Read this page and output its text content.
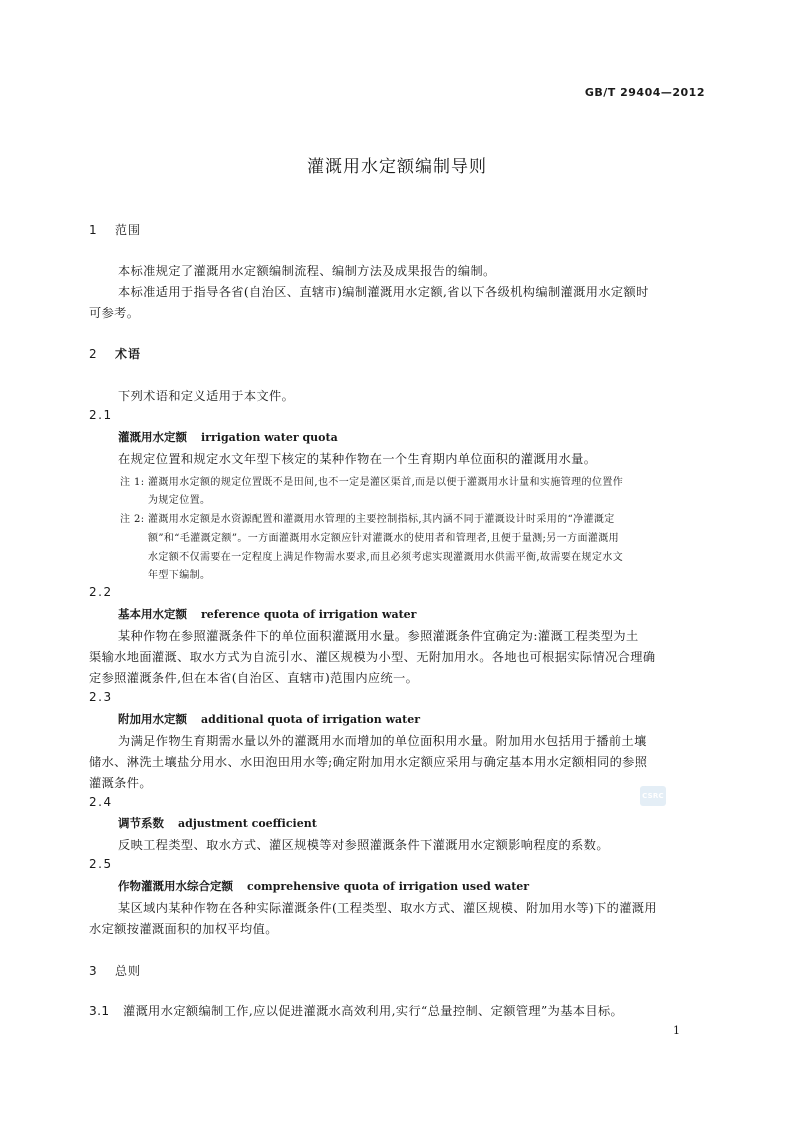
GB/T 29404—2012
灌溉用水定额编制导则
1 范围
本标准规定了灌溉用水定额编制流程、编制方法及成果报告的编制。
本标准适用于指导各省(自治区、直辖市)编制灌溉用水定额,省以下各级机构编制灌溉用水定额时
可参考。
2 术语
下列术语和定义适用于本文件。
2.1
灌溉用水定额 irrigation water quota
在规定位置和规定水文年型下核定的某种作物在一个生育期内单位面积的灌溉用水量。
注 1: 灌溉用水定额的规定位置既不是田间,也不一定是灌区渠首,而是以便于灌溉用水计量和实施管理的位置作
为规定位置。
注 2: 灌溉用水定额是水资源配置和灌溉用水管理的主要控制指标,其内涵不同于灌溉设计时采用的“净灌溉定
额”和“毛灌溉定额”。一方面灌溉用水定额应针对灌溉水的使用者和管理者,且便于量测;另一方面灌溉用
水定额不仅需要在一定程度上满足作物需水要求,而且必须考虑实现灌溉用水供需平衡,故需要在规定水文
年型下编制。
2.2
基本用水定额 reference quota of irrigation water
某种作物在参照灌溉条件下的单位面积灌溉用水量。参照灌溉条件宜确定为:灌溉工程类型为土
渠输水地面灌溉、取水方式为自流引水、灌区规模为小型、无附加用水。各地也可根据实际情况合理确
定参照灌溉条件,但在本省(自治区、直辖市)范围内应统一。
2.3
附加用水定额 additional quota of irrigation water
为满足作物生育期需水量以外的灌溉用水而增加的单位面积用水量。附加用水包括用于播前土壤
储水、淋洗土壤盐分用水、水田泡田用水等;确定附加用水定额应采用与确定基本用水定额相同的参照
灌溉条件。
2.4	CSRC
调节系数 adjustment coefficient
反映工程类型、取水方式、灌区规模等对参照灌溉条件下灌溉用水定额影响程度的系数。
2.5
作物灌溉用水综合定额 comprehensive quota of irrigation used water
某区域内某种作物在各种实际灌溉条件(工程类型、取水方式、灌区规模、附加用水等)下的灌溉用
水定额按灌溉面积的加权平均值。
3 总则
3.1 灌溉用水定额编制工作,应以促进灌溉水高效利用,实行“总量控制、定额管理”为基本目标。
1
